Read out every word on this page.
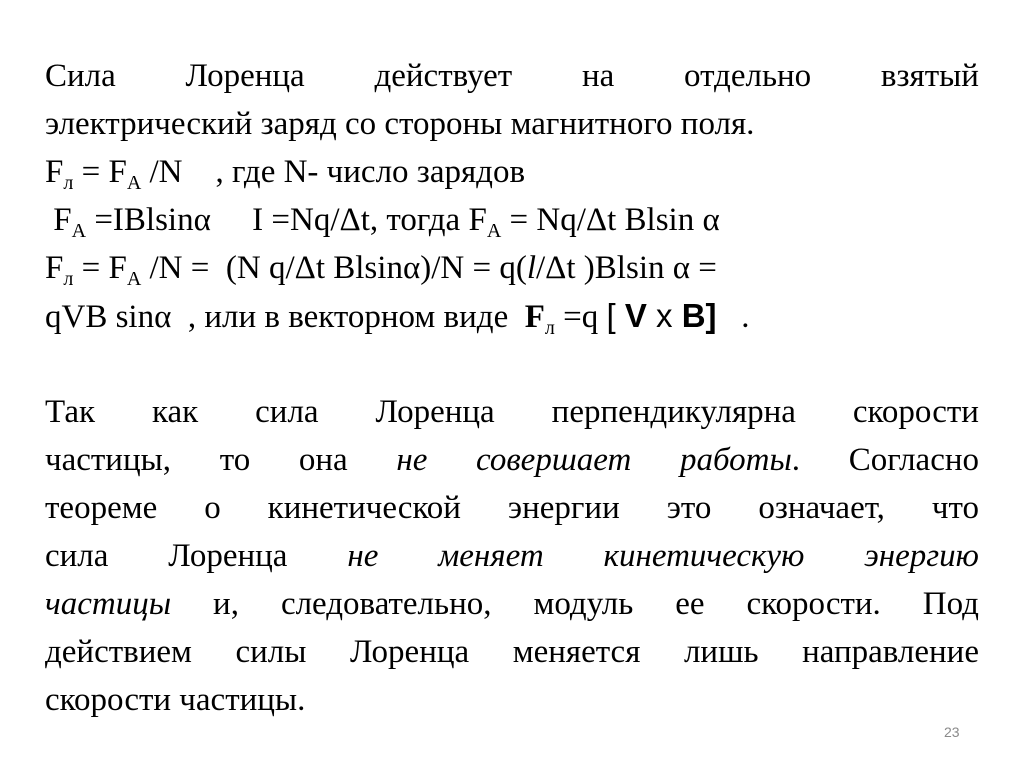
Сила Лоренца действует на отдельно взятый
электрический заряд со стороны магнитного поля.
$F_л = F_A$ /N    , где N- число зарядов
$F_A =IBlsin\alpha$     I =Nq/Δt, тогда $F_A = Nq/\Delta t$ Blsin α
$F_л = F_A$ /N =  (N q/Δt Blsinα)/N = q(l/Δt )Blsin α =
qVB sinα  , или в векторном виде  $F_л =q$ [ V x B]   .
Так как сила Лоренца перпендикулярна скорости
частицы, то она не совершает работы. Согласно
теореме о кинетической энергии это означает, что
сила Лоренца не меняет кинетическую энергию
частицы и, следовательно, модуль ее скорости. Под
действием силы Лоренца меняется лишь направление
скорости частицы.
23
